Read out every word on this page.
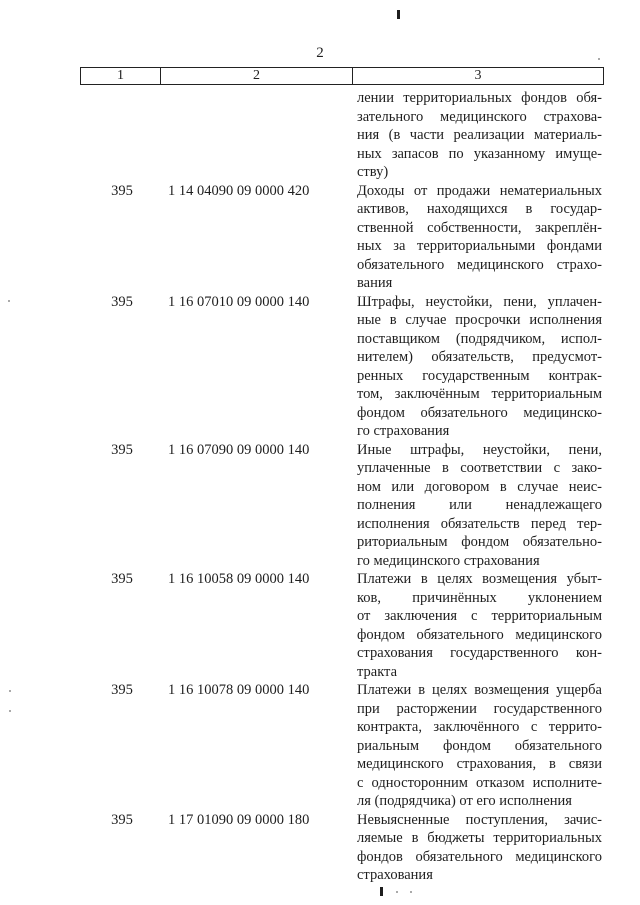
2
1	2	3
лении территориальных фондов обя-
зательного медицинского страхова-
ния (в части реализации материаль-
ных запасов по указанному имуще-
ству)
395	1 14 04090 09 0000 420	Доходы от продажи нематериальных
активов, находящихся в государ-
ственной собственности, закреплён-
ных за территориальными фондами
обязательного медицинского страхо-
вания
395	1 16 07010 09 0000 140	Штрафы, неустойки, пени, уплачен-
ные в случае просрочки исполнения
поставщиком (подрядчиком, испол-
нителем) обязательств, предусмот-
ренных государственным контрак-
том, заключённым территориальным
фондом обязательного медицинско-
го страхования
395	1 16 07090 09 0000 140	Иные штрафы, неустойки, пени,
уплаченные в соответствии с зако-
ном или договором в случае неис-
полнения или ненадлежащего
исполнения обязательств перед тер-
риториальным фондом обязательно-
го медицинского страхования
395	1 16 10058 09 0000 140	Платежи в целях возмещения убыт-
ков, причинённых уклонением
от заключения с территориальным
фондом обязательного медицинского
страхования государственного кон-
тракта
395	1 16 10078 09 0000 140	Платежи в целях возмещения ущерба
при расторжении государственного
контракта, заключённого с террито-
риальным фондом обязательного
медицинского страхования, в связи
с односторонним отказом исполните-
ля (подрядчика) от его исполнения
395	1 17 01090 09 0000 180	Невыясненные поступления, зачис-
ляемые в бюджеты территориальных
фондов обязательного медицинского
страхования
